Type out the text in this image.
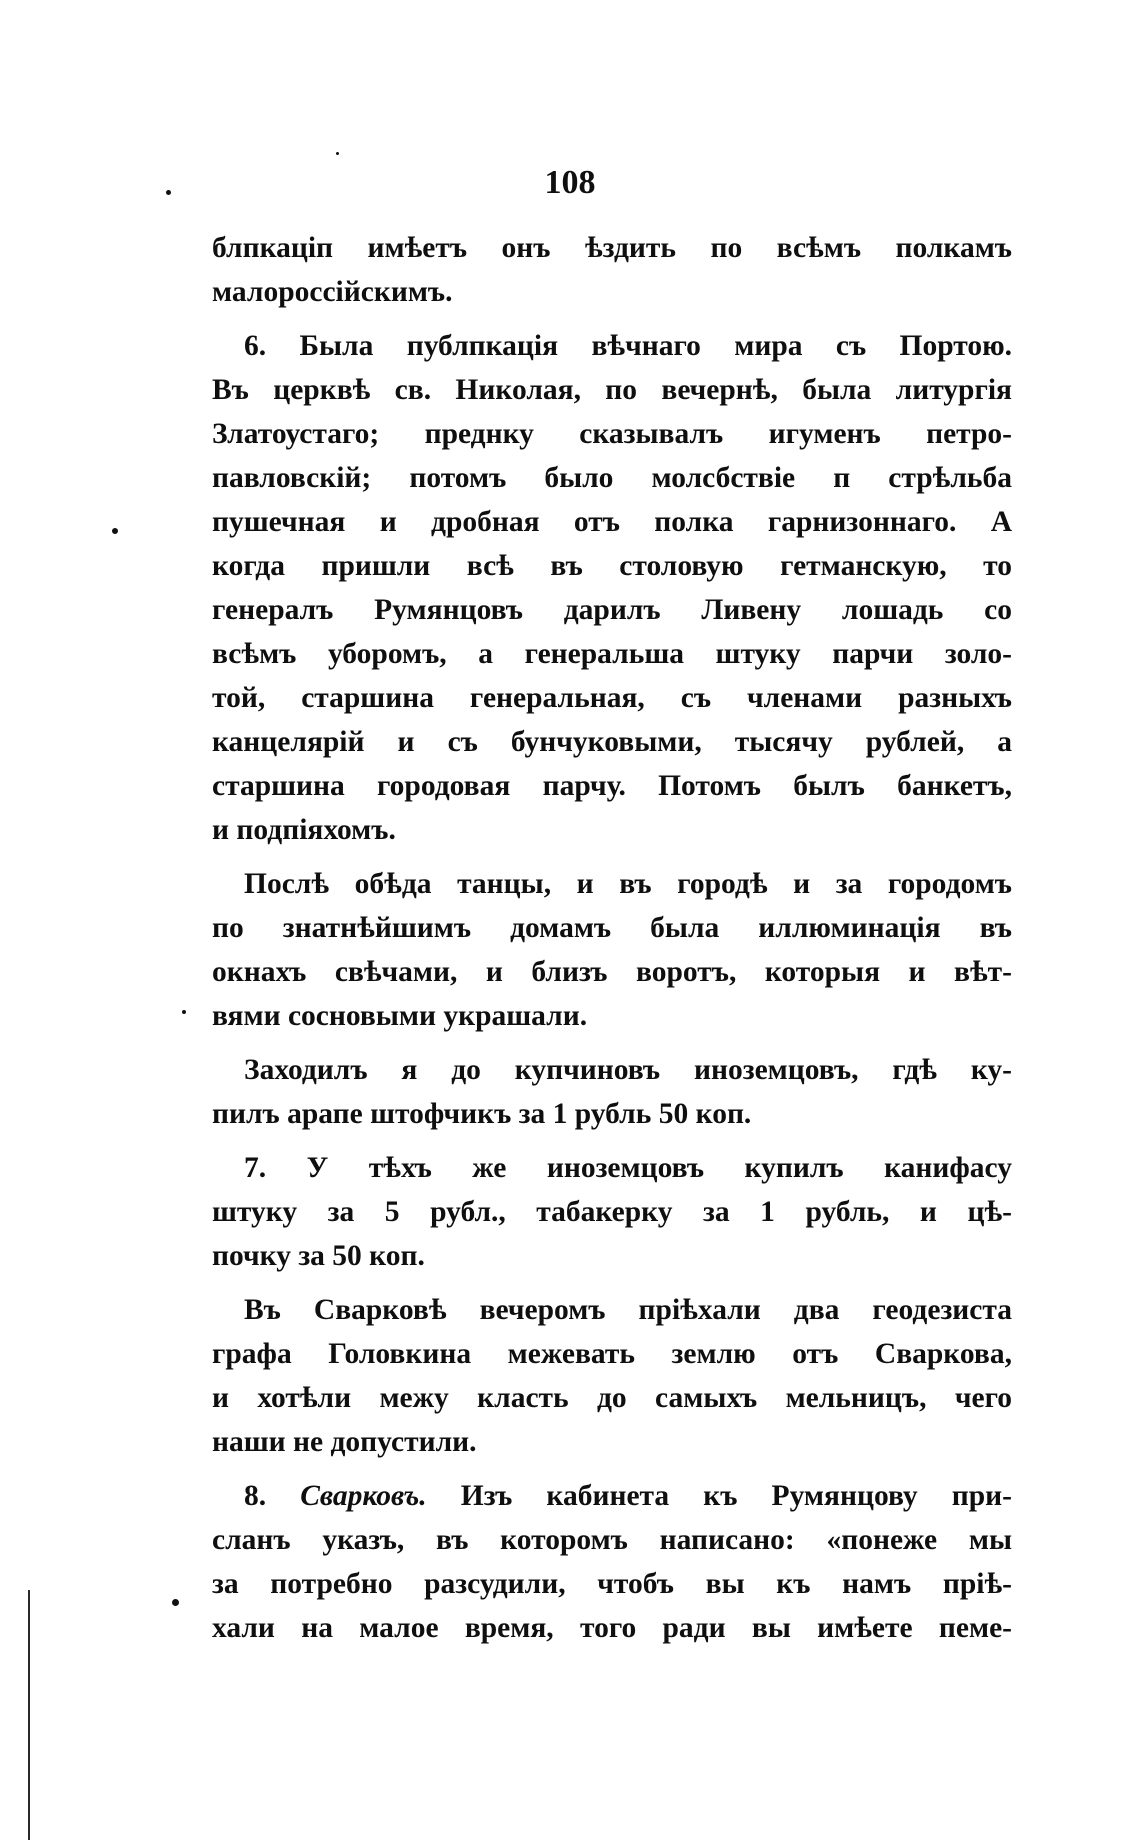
108
блпкаціп имѣетъ онъ ѣздить по всѣмъ полкамъ
малороссійскимъ.
6. Была публпкація вѣчнаго мира съ Портою.
Въ церквѣ св. Николая, по вечернѣ, была литургія
Златоустаго; преднку сказывалъ игуменъ петро-
павловскій; потомъ было молсбствіе п стрѣльба
пушечная и дробная отъ полка гарнизоннаго. А
когда пришли всѣ въ столовую гетманскую, то
генералъ Румянцовъ дарилъ Ливену лошадь со
всѣмъ уборомъ, а генеральша штуку парчи золо-
той, старшина генеральная, съ членами разныхъ
канцелярій и съ бунчуковыми, тысячу рублей, а
старшина городовая парчу. Потомъ былъ банкетъ,
и подпіяхомъ.
Послѣ обѣда танцы, и въ городѣ и за городомъ
по знатнѣйшимъ домамъ была иллюминація въ
окнахъ свѣчами, и близъ воротъ, которыя и вѣт-
вями сосновыми украшали.
Заходилъ я до купчиновъ иноземцовъ, гдѣ ку-
пилъ арапе штофчикъ за 1 рубль 50 коп.
7. У тѣхъ же иноземцовъ купилъ канифасу
штуку за 5 рубл., табакерку за 1 рубль, и цѣ-
почку за 50 коп.
Въ Сварковѣ вечеромъ пріѣхали два геодезиста
графа Головкина межевать землю отъ Сваркова,
и хотѣли межу класть до самыхъ мельницъ, чего
наши не допустили.
8. Сварковъ. Изъ кабинета къ Румянцову при-
сланъ указъ, въ которомъ написано: «понеже мы
за потребно разсудили, чтобъ вы къ намъ пріѣ-
хали на малое время, того ради вы имѣете пеме-
